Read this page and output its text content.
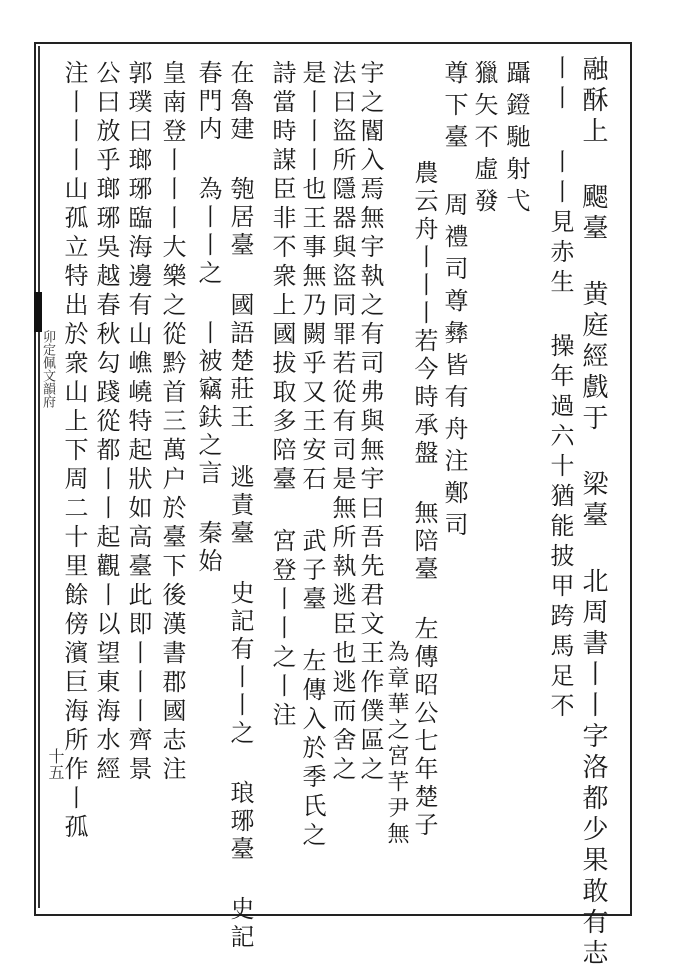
卯定佩文韻府
十五	融酥上 颸臺 黄庭經戲于 梁臺 北周書丨丨字洛都少果敢有志
丨丨 丨丨見赤生 操年過六十猶能披甲跨馬足不
躡鐙馳射弋
獵矢不虛發
尊下臺 周禮司尊彝皆有舟注鄭司
農云舟丨丨丨若今時承盤 無陪臺 左傳昭公七年楚子
為章華之宮芊尹無
宇之閽入焉無宇執之有司弗與無宇曰吾先君文王作僕區之
法曰盜所隱器與盜同罪若從有司是無所執逃臣也逃而舍之
是丨丨丨也王事無乃闕乎又王安石 武子臺 左傳入於季氏之
詩當時謀臣非不衆上國拔取多陪臺 宮登丨丨之丨注
在魯建 匏居臺 國語楚莊王 逃責臺 史記有丨丨之 琅琊臺 史記
春門内 為丨丨之 丨被竊鈇之言 秦始
皇南登丨丨丨大樂之從黔首三萬户於臺下後漢書郡國志注
郭璞曰瑯琊臨海邊有山嶕嶢特起狀如高臺此即丨丨丨齊景
公曰放乎瑯琊吳越春秋勾踐從都丨丨起觀丨以望東海水經
注丨丨丨山孤立特出於衆山上下周二十里餘傍濱巨海所作丨孤
